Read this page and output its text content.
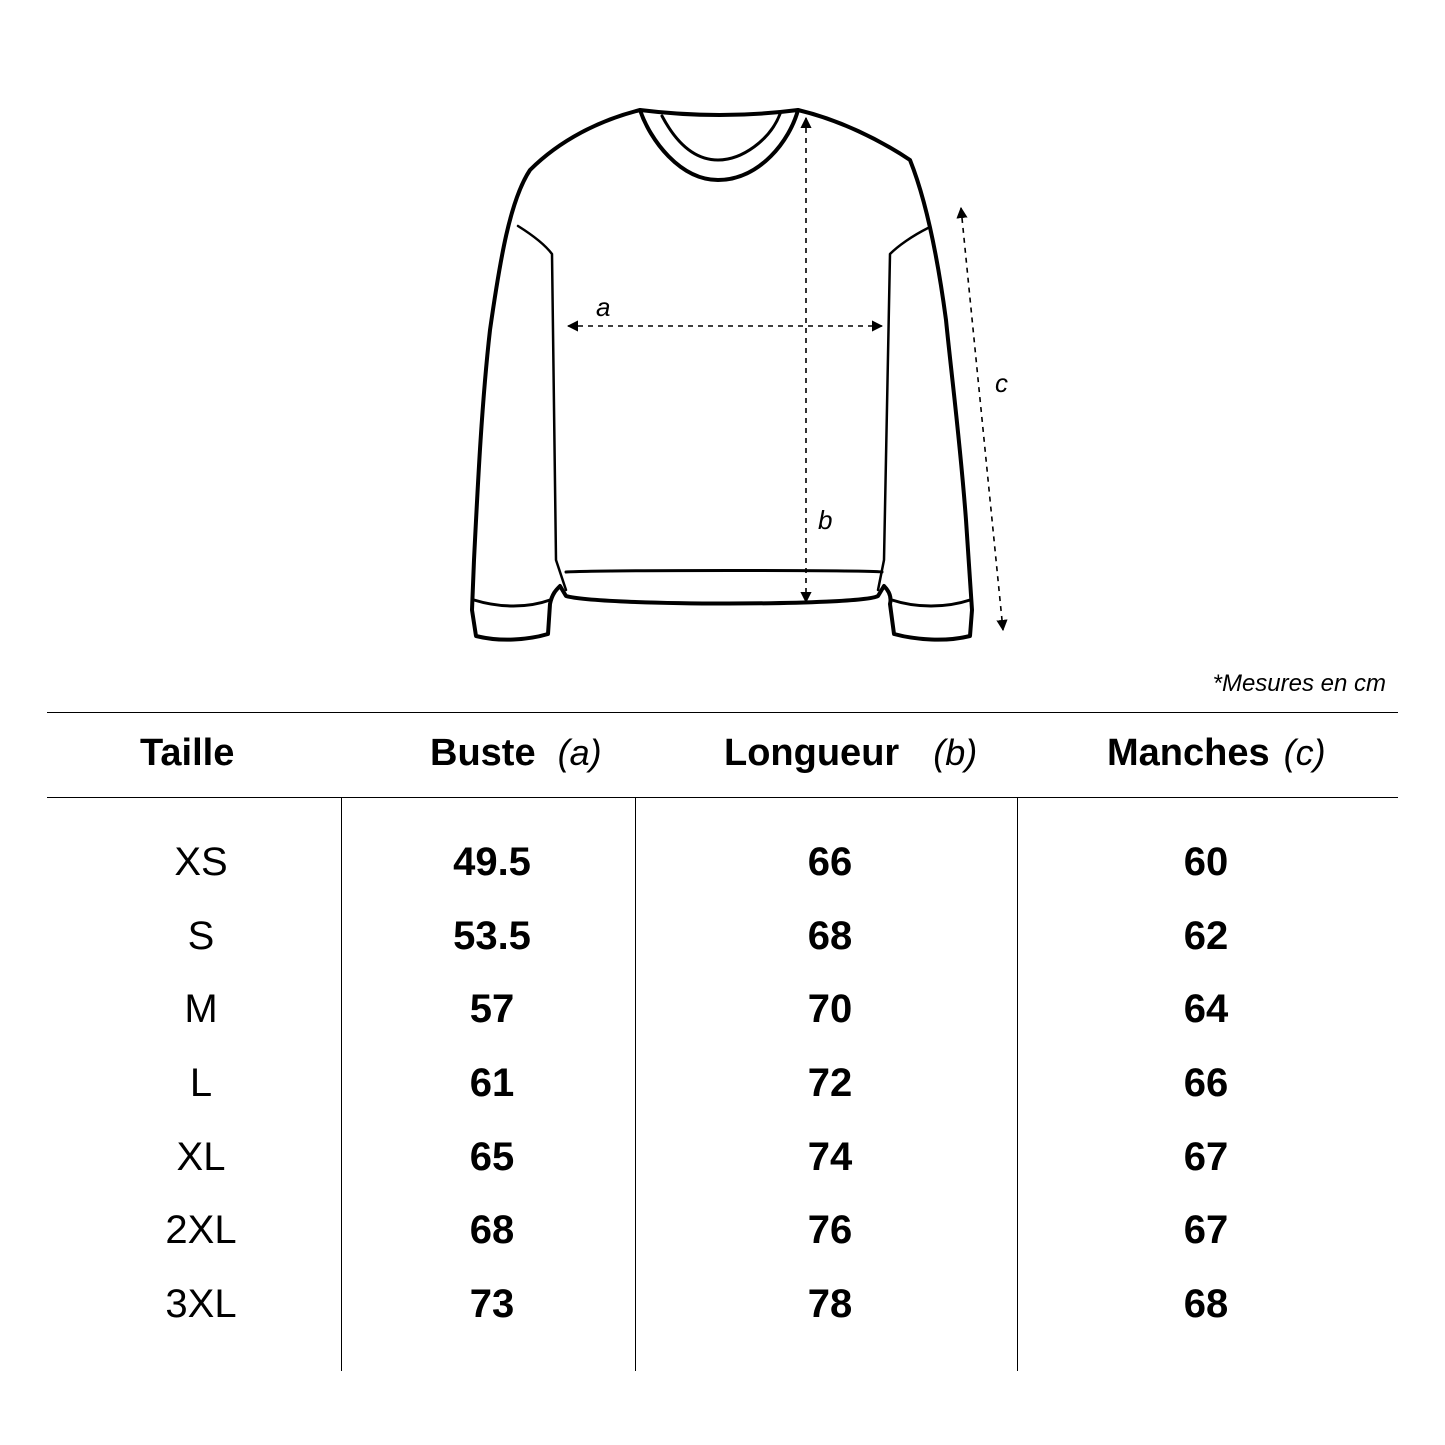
a
b
c
*Mesures en cm
Taille	Buste (a)	Longueur (b)	Manches (c)
XS	49.5	66	60
S	53.5	68	62
M	57	70	64
L	61	72	66
XL	65	74	67
2XL	68	76	67
3XL	73	78	68
